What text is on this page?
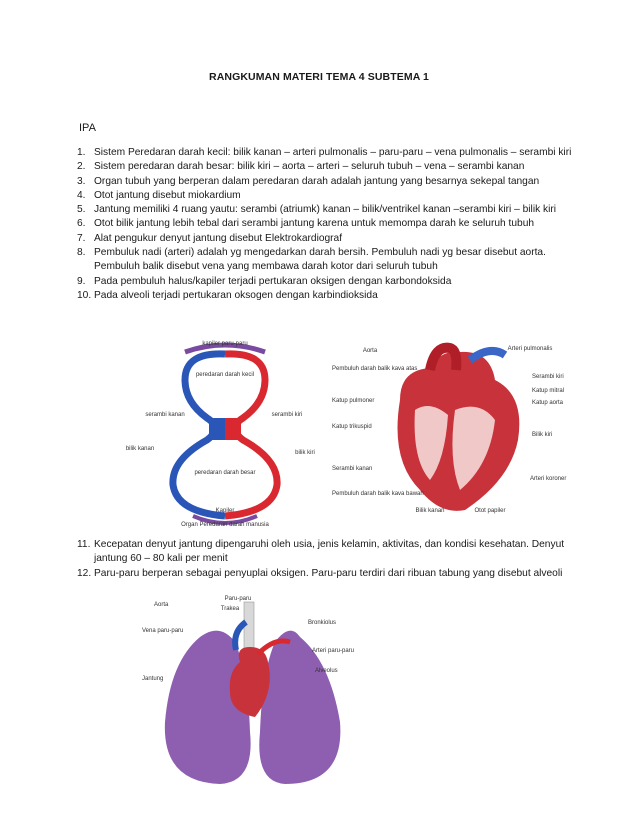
RANGKUMAN MATERI TEMA 4 SUBTEMA 1
IPA
1. Sistem Peredaran darah kecil: bilik kanan – arteri pulmonalis – paru-paru – vena pulmonalis – serambi kiri
2. Sistem peredaran darah besar: bilik kiri – aorta – arteri – seluruh tubuh – vena – serambi kanan
3. Organ tubuh yang berperan dalam peredaran darah adalah jantung yang besarnya sekepal tangan
4. Otot jantung disebut miokardium
5. Jantung memiliki 4 ruang yautu: serambi (atriumk) kanan – bilik/ventrikel kanan –serambi kiri – bilik kiri
6. Otot bilik jantung lebih tebal dari serambi jantung karena untuk memompa darah ke seluruh tubuh
7. Alat pengukur denyut jantung disebut Elektrokardiograf
8. Pembuluk nadi (arteri) adalah yg mengedarkan darah bersih. Pembuluh nadi yg besar disebut aorta. Pembuluh balik disebut vena yang membawa darah kotor dari seluruh tubuh
9. Pada pembuluh halus/kapiler terjadi pertukaran oksigen dengan karbondoksida
10. Pada alveoli terjadi pertukaran oksogen dengan karbindioksida
kapiler paru-paru
peredaran darah kecil
serambi kanan	serambi kiri
bilik kanan
bilik kiri
peredaran darah besar
Kapiler
Organ Peredaran darah manusia
Aorta	Arteri pulmonalis
Pembuluh darah balik kava atas
Katup pulmoner
Katup trikuspid
Serambi kanan
Pembuluh darah balik kava bawah
Serambi kiri
Katup mitral
Katup aorta
Bilik kiri
Arteri koroner
Bilik kanan	Otot papiler
11. Kecepatan denyut jantung dipengaruhi oleh usia, jenis kelamin, aktivitas, dan kondisi kesehatan. Denyut jantung 60 – 80 kali per menit
12. Paru-paru berperan sebagai penyuplai oksigen. Paru-paru terdiri dari ribuan tabung yang disebut alveoli
Paru-paru
Trakea
Aorta
Vena paru-paru
Jantung
Bronkiolus
Arteri paru-paru
Alveolus
